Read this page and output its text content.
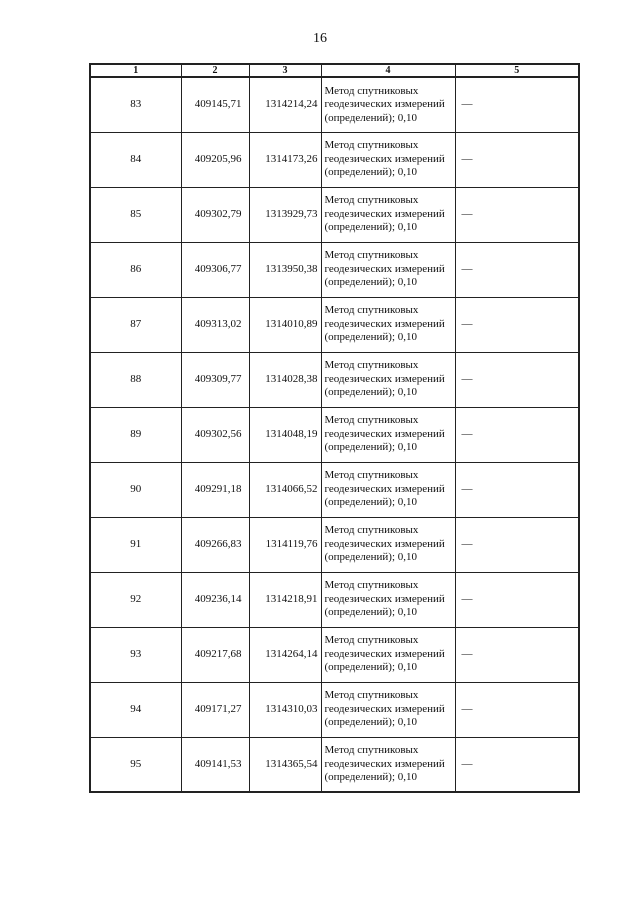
16
1	2	3	4	5
83	409145,71	1314214,24	Метод спутниковых геодезических измерений (определений); 0,10	—
84	409205,96	1314173,26	Метод спутниковых геодезических измерений (определений); 0,10	—
85	409302,79	1313929,73	Метод спутниковых геодезических измерений (определений); 0,10	—
86	409306,77	1313950,38	Метод спутниковых геодезических измерений (определений); 0,10	—
87	409313,02	1314010,89	Метод спутниковых геодезических измерений (определений); 0,10	—
88	409309,77	1314028,38	Метод спутниковых геодезических измерений (определений); 0,10	—
89	409302,56	1314048,19	Метод спутниковых геодезических измерений (определений); 0,10	—
90	409291,18	1314066,52	Метод спутниковых геодезических измерений (определений); 0,10	—
91	409266,83	1314119,76	Метод спутниковых геодезических измерений (определений); 0,10	—
92	409236,14	1314218,91	Метод спутниковых геодезических измерений (определений); 0,10	—
93	409217,68	1314264,14	Метод спутниковых геодезических измерений (определений); 0,10	—
94	409171,27	1314310,03	Метод спутниковых геодезических измерений (определений); 0,10	—
95	409141,53	1314365,54	Метод спутниковых геодезических измерений (определений); 0,10	—
